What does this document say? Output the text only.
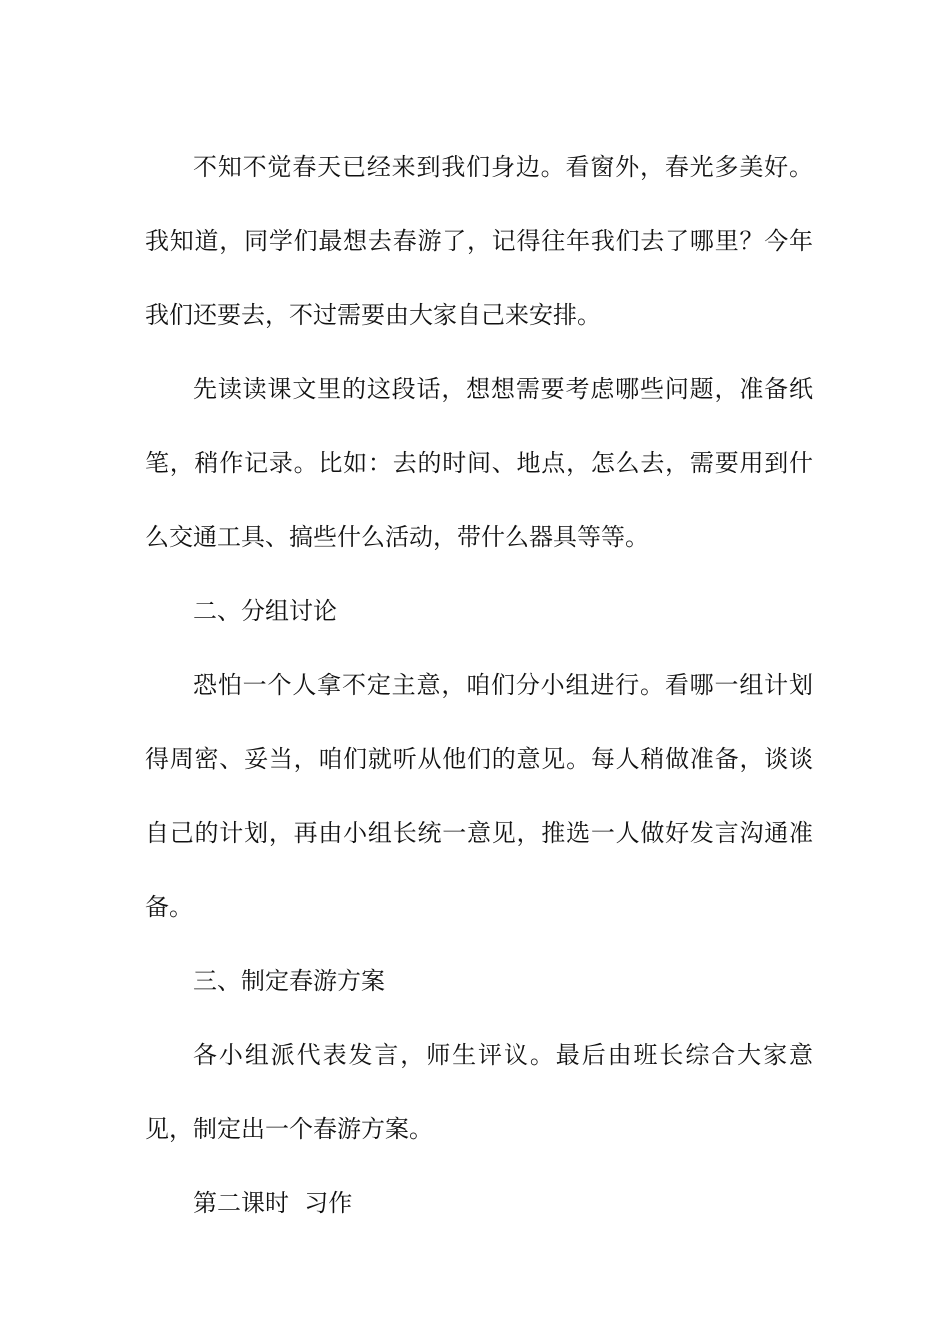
不知不觉春天已经来到我们身边。看窗外，春光多美好。我知道，同学们最想去春游了，记得往年我们去了哪里？今年我们还要去，不过需要由大家自己来安排。

先读读课文里的这段话，想想需要考虑哪些问题，准备纸笔，稍作记录。比如：去的时间、地点，怎么去，需要用到什么交通工具、搞些什么活动，带什么器具等等。

二、分组讨论

恐怕一个人拿不定主意，咱们分小组进行。看哪一组计划得周密、妥当，咱们就听从他们的意见。每人稍做准备，谈谈自己的计划，再由小组长统一意见，推选一人做好发言沟通准备。

三、制定春游方案

各小组派代表发言，师生评议。最后由班长综合大家意见，制定出一个春游方案。

第二课时  习作
